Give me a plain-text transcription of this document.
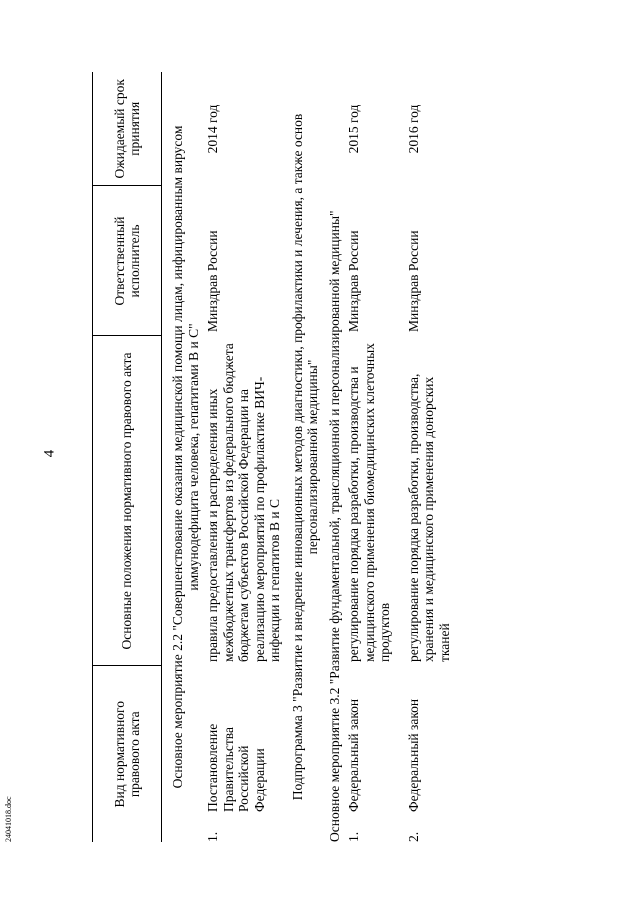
4
24041018.doc
Вид нормативного правового акта	Основные положения нормативного правового акта	Ответственный исполнитель	Ожидаемый срок принятия
Основное мероприятие 2.2 "Совершенствование оказания медицинской помощи лицам, инфицированным вирусом иммунодефицита человека, гепатитами В и С"			
1.Постановление Правительства Российской Федерации	правила предоставления и распределения иных межбюджетных трансфертов из федерального бюджета бюджетам субъектов Российской Федерации на реализацию мероприятий по профилактике ВИЧ-инфекции и гепатитов В и С	Минздрав России	2014 год
Подпрограмма 3 "Развитие и внедрение инновационных методов диагностики, профилактики и лечения, а также основ персонализированной медицины"			
Основное мероприятие 3.2 "Развитие фундаментальной, трансляционной и персонализированной медицины"			
1.Федеральный закон	регулирование порядка разработки, производства и медицинского применения биомедицинских клеточных продуктов	Минздрав России	2015 год
2.Федеральный закон	регулирование порядка разработки, производства, хранения и медицинского применения донорских тканей	Минздрав России	2016 год
